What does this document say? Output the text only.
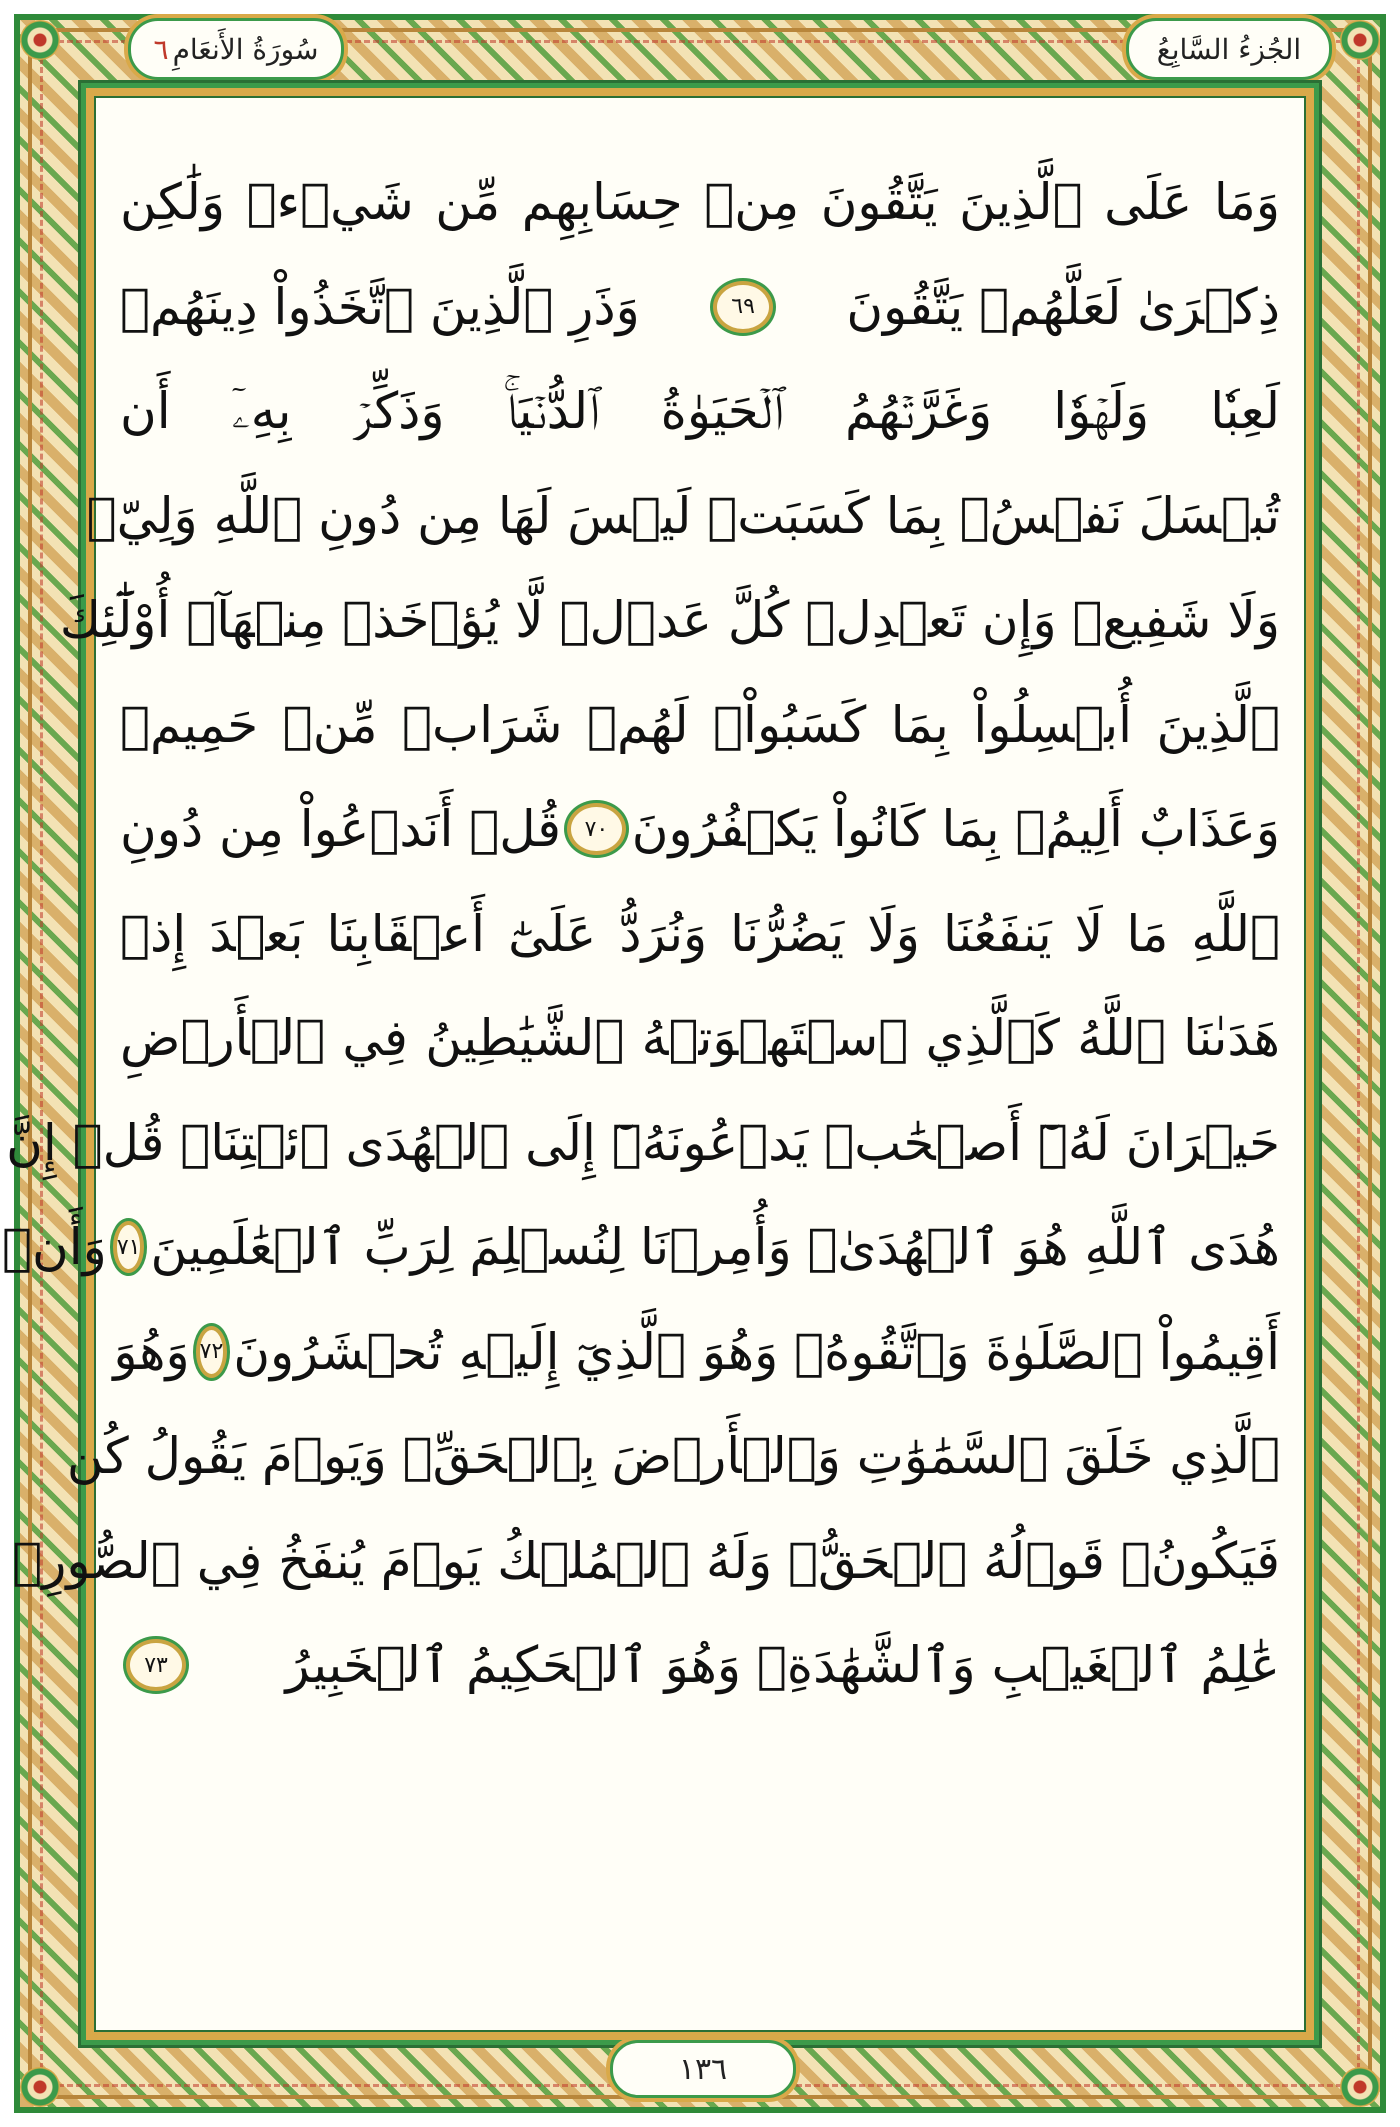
الجُزءُ السَّابِعُ
سُورَةُ الأَنعَامِ
٦
وَمَا عَلَى ٱلَّذِينَ يَتَّقُونَ مِنۡ حِسَابِهِم مِّن شَيۡءٖ وَلَٰكِن
ذِكۡرَىٰ لَعَلَّهُمۡ يَتَّقُونَ
٦٩
وَذَرِ ٱلَّذِينَ ٱتَّخَذُواْ دِينَهُمۡ
لَعِبٗا وَلَهۡوٗا وَغَرَّتۡهُمُ ٱلۡحَيَوٰةُ ٱلدُّنۡيَاۚ وَذَكِّرۡ بِهِۦٓ أَن
تُبۡسَلَ نَفۡسُۢ بِمَا كَسَبَتۡ لَيۡسَ لَهَا مِن دُونِ ٱللَّهِ وَلِيّٞ
وَلَا شَفِيعٞ وَإِن تَعۡدِلۡ كُلَّ عَدۡلٖ لَّا يُؤۡخَذۡ مِنۡهَآۗ أُوْلَٰٓئِكَ
ٱلَّذِينَ أُبۡسِلُواْ بِمَا كَسَبُواْۖ لَهُمۡ شَرَابٞ مِّنۡ حَمِيمٖ
وَعَذَابٌ أَلِيمُۢ بِمَا كَانُواْ يَكۡفُرُونَ
٧٠
قُلۡ أَنَدۡعُواْ مِن دُونِ
ٱللَّهِ مَا لَا يَنفَعُنَا وَلَا يَضُرُّنَا وَنُرَدُّ عَلَىٰٓ أَعۡقَابِنَا بَعۡدَ إِذۡ
هَدَىٰنَا ٱللَّهُ كَٱلَّذِي ٱسۡتَهۡوَتۡهُ ٱلشَّيَٰطِينُ فِي ٱلۡأَرۡضِ
حَيۡرَانَ لَهُۥٓ أَصۡحَٰبٞ يَدۡعُونَهُۥٓ إِلَى ٱلۡهُدَى ٱئۡتِنَاۗ قُلۡ إِنَّ
هُدَى ٱللَّهِ هُوَ ٱلۡهُدَىٰۖ وَأُمِرۡنَا لِنُسۡلِمَ لِرَبِّ ٱلۡعَٰلَمِينَ
٧١
وَأَنۡ
أَقِيمُواْ ٱلصَّلَوٰةَ وَٱتَّقُوهُۚ وَهُوَ ٱلَّذِيٓ إِلَيۡهِ تُحۡشَرُونَ
٧٢
وَهُوَ
ٱلَّذِي خَلَقَ ٱلسَّمَٰوَٰتِ وَٱلۡأَرۡضَ بِٱلۡحَقِّۖ وَيَوۡمَ يَقُولُ كُن
فَيَكُونُۚ قَوۡلُهُ ٱلۡحَقُّۚ وَلَهُ ٱلۡمُلۡكُ يَوۡمَ يُنفَخُ فِي ٱلصُّورِۚ
عَٰلِمُ ٱلۡغَيۡبِ وَٱلشَّهَٰدَةِۚ وَهُوَ ٱلۡحَكِيمُ ٱلۡخَبِيرُ
٧٣
١٣٦
